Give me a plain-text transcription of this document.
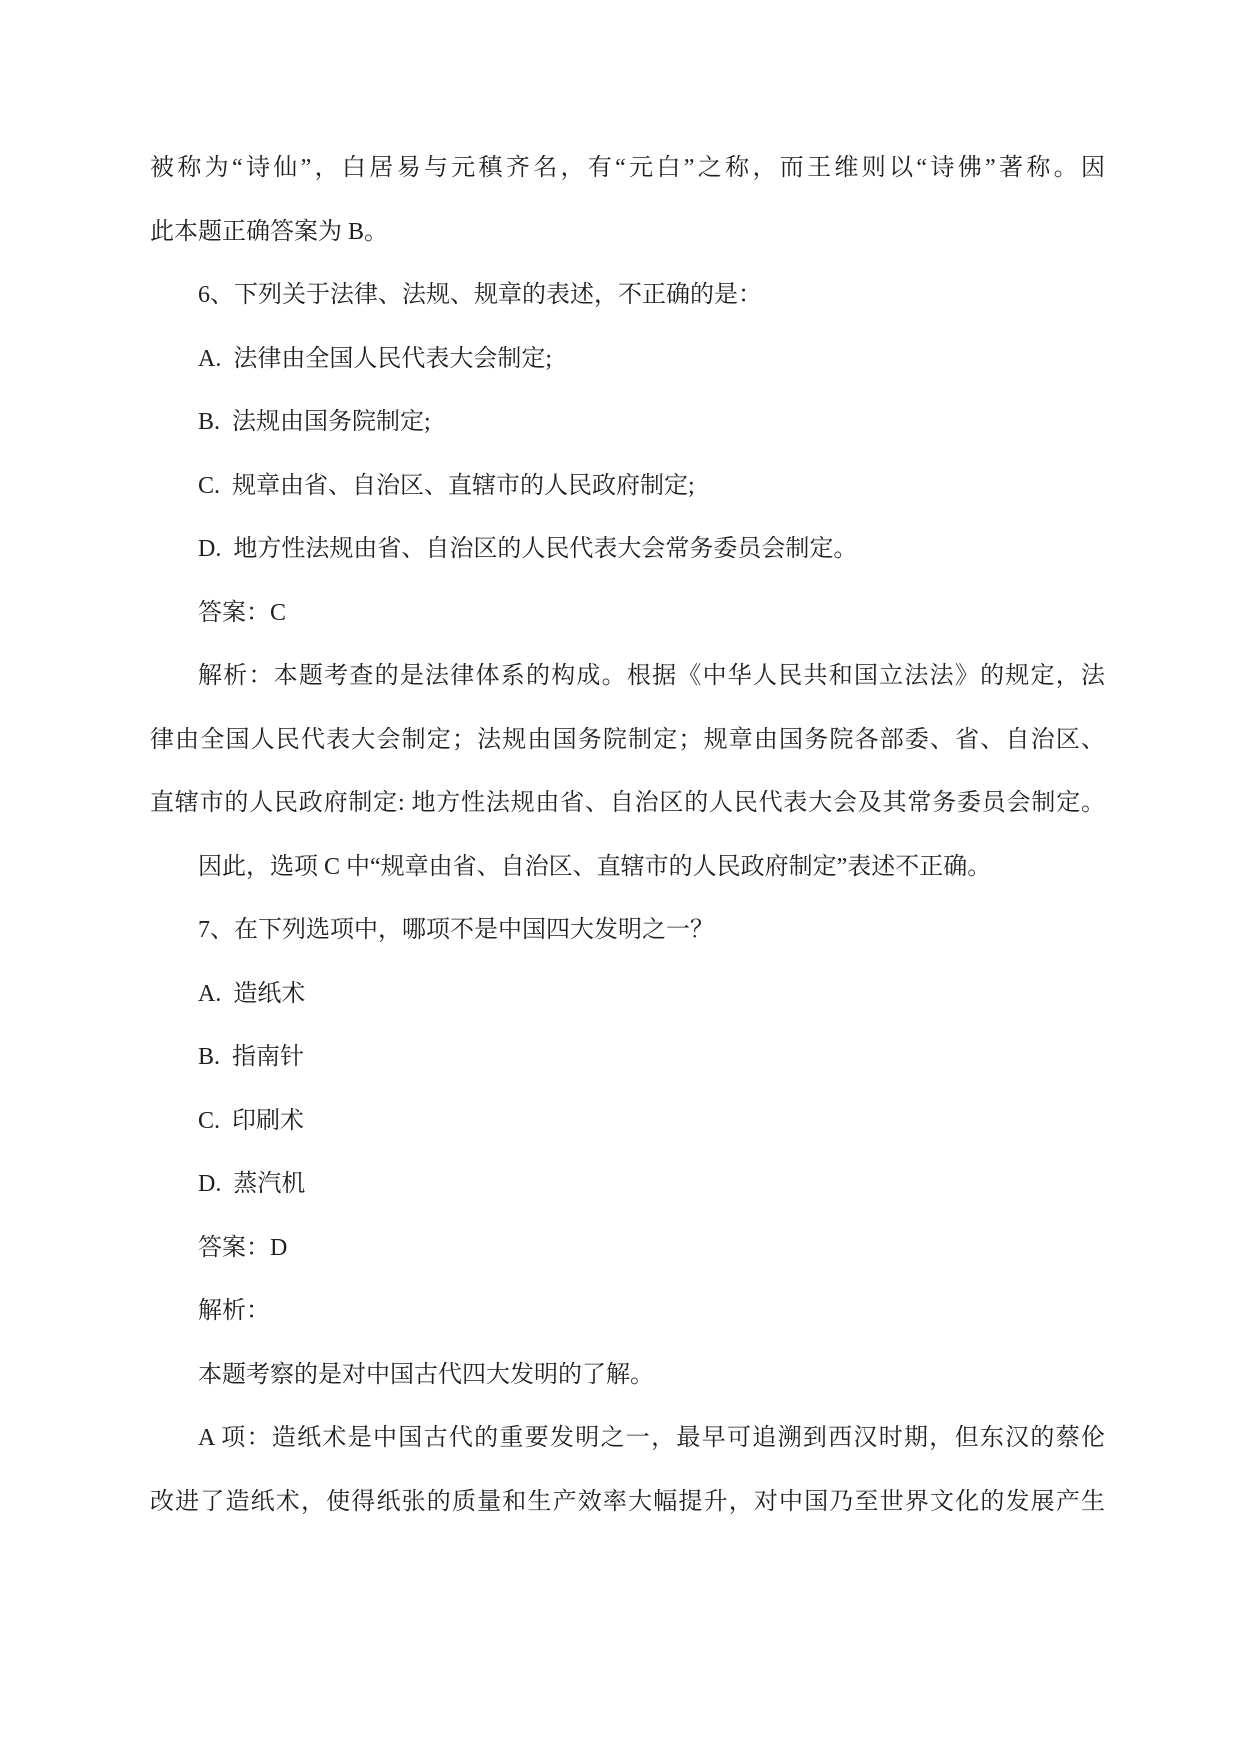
被称为“诗仙”，白居易与元稹齐名，有“元白”之称，而王维则以“诗佛”著称。因
此本题正确答案为 B。
6、下列关于法律、法规、规章的表述，不正确的是：
A.  法律由全国人民代表大会制定;
B.  法规由国务院制定;
C.  规章由省、自治区、直辖市的人民政府制定;
D.  地方性法规由省、自治区的人民代表大会常务委员会制定。
答案：C
解析：本题考查的是法律体系的构成。根据《中华人民共和国立法法》的规定，法
律由全国人民代表大会制定；法规由国务院制定；规章由国务院各部委、省、自治区、
直辖市的人民政府制定: 地方性法规由省、自治区的人民代表大会及其常务委员会制定。
因此，选项 C 中“规章由省、自治区、直辖市的人民政府制定”表述不正确。
7、在下列选项中，哪项不是中国四大发明之一？
A.  造纸术
B.  指南针
C.  印刷术
D.  蒸汽机
答案：D
解析：
本题考察的是对中国古代四大发明的了解。
A 项：造纸术是中国古代的重要发明之一，最早可追溯到西汉时期，但东汉的蔡伦
改进了造纸术，使得纸张的质量和生产效率大幅提升，对中国乃至世界文化的发展产生
